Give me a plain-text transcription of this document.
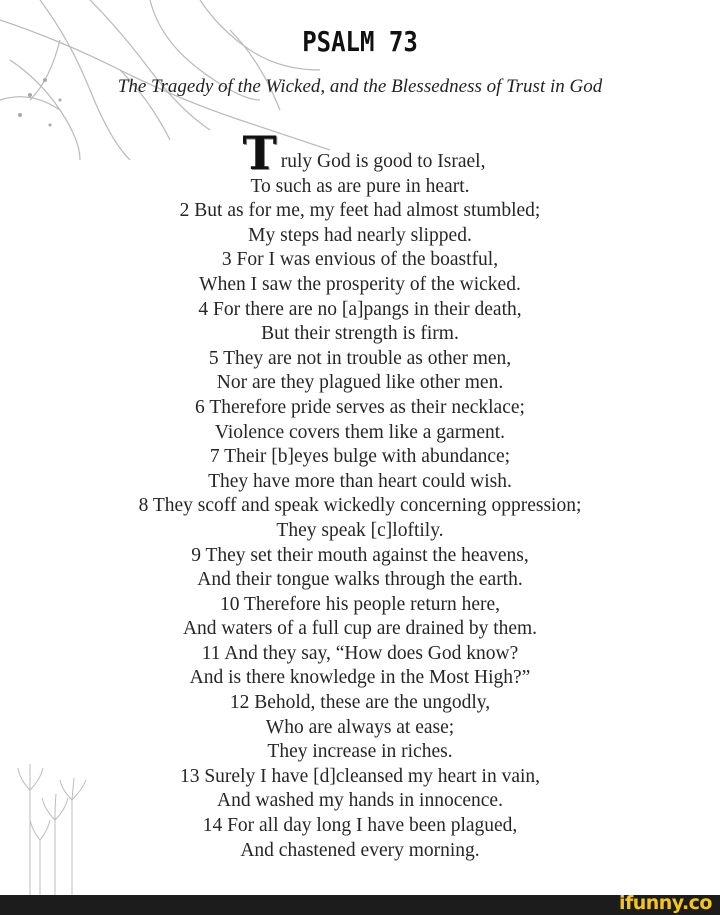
PSALM 73
The Tragedy of the Wicked, and the Blessedness of Trust in God
Truly God is good to Israel,
To such as are pure in heart.
2 But as for me, my feet had almost stumbled;
My steps had nearly slipped.
3 For I was envious of the boastful,
When I saw the prosperity of the wicked.
4 For there are no [a]pangs in their death,
But their strength is firm.
5 They are not in trouble as other men,
Nor are they plagued like other men.
6 Therefore pride serves as their necklace;
Violence covers them like a garment.
7 Their [b]eyes bulge with abundance;
They have more than heart could wish.
8 They scoff and speak wickedly concerning oppression;
They speak [c]loftily.
9 They set their mouth against the heavens,
And their tongue walks through the earth.
10 Therefore his people return here,
And waters of a full cup are drained by them.
11 And they say, “How does God know?
And is there knowledge in the Most High?”
12 Behold, these are the ungodly,
Who are always at ease;
They increase in riches.
13 Surely I have [d]cleansed my heart in vain,
And washed my hands in innocence.
14 For all day long I have been plagued,
And chastened every morning.
ifunny.co
